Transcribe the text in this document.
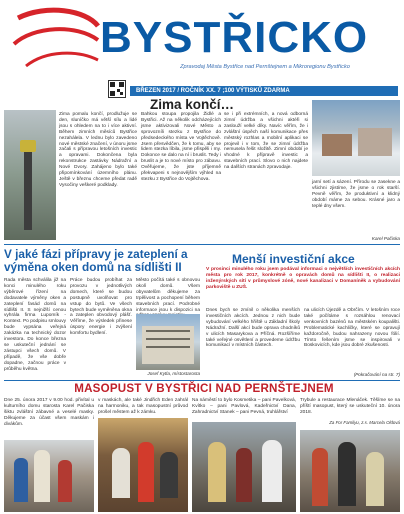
BYSTŘICKO
Zpravodaj Města Bystřice nad Pernštejnem a Mikroregionu Bystřicko
BŘEZEN 2017 / ROČNÍK XX. 7 ;100 VÝTISKŮ ZDARMA
Zima končí…
Zima pomalu končí, prodlužuje se den, sluníčko má větší sílu a lidé jsou s ohledem na to i více aktivní. Během zimních měsíců Bystřice nezahálela. V lednu bylo zavedeno nové městské značení, v únoru jsme začali s přípravou letošních investic a opravami. Dokončena byla rekonstrukce zastávky Nádražní a Nové Dvory. Zahájeno bylo také připomínkování územního plánu. Ještě v březnu chceme předat radě Vysočiny veškeré podklady.
Bahkou stoupa propojila Židlé a Bystřici. Až na několik odcházejících jsme aktivizovali Nové Město a sprovozníli stezku z Bystřice do předsedeckého místa ve Vojtěchově. Jsem přesvědčen, že k tomu, aby se lidem stezka líbila, jsme přispěli i my. Dokonce se dalo na ní i bruslit. Tedy i bruslit a je to nové místo pro zábavu. Ověřujeme, že jste příjemně překvapeni s nejnovějším výhled na stezku z Bystřice do Vojtěchova.
se i při extrémních, a nová odborná zimní údržba a všichni aktéři si zaslouží velké díky. Navíc věřím, že i zvláštní úspěch naší komunikace přes městský rozhlas a mobilní aplikaci se projevil i v tom, že se zimní údržba nemusela řešit složitě. Zimní období je vhodné k přípravě investic a stavebních prací. Slovo o nich najdete na dalších stranách zpravodaje.
jarní setí a sázení. Přírodu se zasekne a všichni zjistíme, že jsme o rok starší. Pevně věřím, že produktivní a klidný období máme za sebou. Krásné jaro a teplé dny všem.
Karel Pačiska
V jaké fázi přípravy je zateplení a výměna oken domů na sídlišti II
Rada města schválila již na konci minulého roku výběrové řízení na dodavatele výměny oken a zateplení fasád domů na sídlišti II. S nejnižší cenou vyhrála firma Lupomík - Kontext. Po podpisu smlouvy bude vypsána veřejná zakázka na technický dozor investora. Do konce března se uskuteční jednání se zástupci všech domů. V případě, že vše dobře dopadne, začnou práce v průběhu května.
Práce budou probíhat za provozu v jednotlivých domech, které se budou postupně uvolňovat pro vstup do bytů. Ve všech bytech bude vyměněna okna a zateplen obvodový plášť. Věříme, že výsledek přinese úspory energie i zvýšení komfortu bydlení.
Město počítá také s obnovou okolí domů. Všem obyvatelům děkujeme za trpělivost a pochopení během stavebních prací. Podrobné informace jsou k dispozici na
Josef Kytla, místostarosta
Menší investiční akce
V prosinci minulého roku jsem podával informaci o největších investičních akcích města pro rok 2017, konkrétně o opravách domů na sídlišti II, o realizaci inženýrských sítí v průmyslové zóně, nové kanalizaci v Domaníněk a vybudování parkoviště u ZUŠ.
Dnes bych se zmínil o několika menších investičních akcích. Jednou z nich bude vybudování velkého hřiště u Základní školy Nádražní. Další akcí bude oprava chodníků v ulicích Masarykova a Příčná. Rozšíříme také veřejné osvětlení a provedeme údržbu komunikací v místních částech.
na ulicích Újezdě a Obrčím. V letošním roce také počítáme s rozsáhlou renovací venkovních bazénů na městském koupališti. Problematické kachličky, které se opravují každoročně, budou nahrazeny novou fólií. Tímto řešením jsme se inspirovali v Boskovicích, kde jsou dobré zkušenosti.
(Pokračování na str. 7)
MASOPUST V BYSTŘICI NAD PERNŠTEJNEM
Dne 25. února 2017 v 9.00 hod. přivítal u kulturního domu starosta Karel Pačiska šiktu zvláštní zábavné a veselé masky. Děkujeme za účast všem maskám i divákům.
v maskách, ale také Jindřich Eden zahrál na harmoniku, a tak masopustní průvod prošel městem až k zámku.
Na náměstí to bylo Kosmetika – pani Pavelková, Kvítko – pani Pavlová, Kadeřnictví Dana, Zahradnictví Stanek – pani Pevná, truhlářství
Trybule a restaurace Mlenáček. Těšíme se na příští masopust, který se uskuteční 10. února 2018.
Za For Familyu, z.s. Marcela Oldová
